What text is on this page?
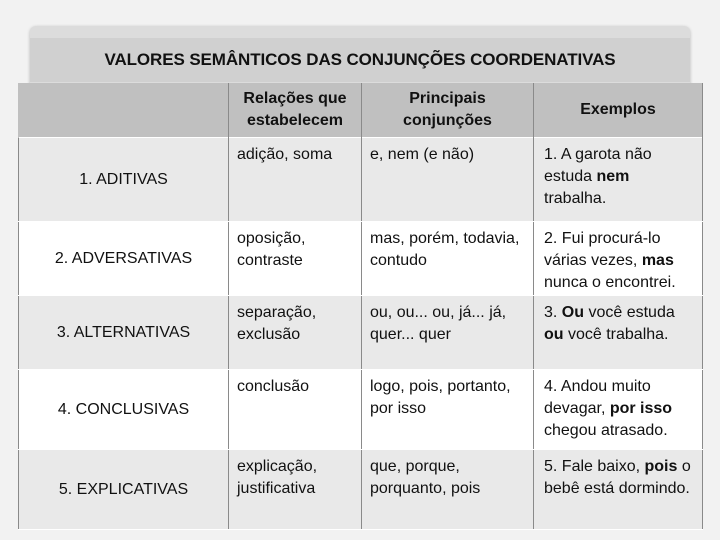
VALORES SEMÂNTICOS DAS CONJUNÇÕES COORDENATIVAS
	Relações que estabelecem	Principais conjunções	Exemplos
1. ADITIVAS	adição, soma	e, nem (e não)	1. A garota não estuda nem trabalha.
2. ADVERSATIVAS	oposição, contraste	mas, porém, todavia, contudo	2. Fui procurá-lo várias vezes, mas nunca o encontrei.
3. ALTERNATIVAS	separação, exclusão	ou, ou... ou, já... já, quer... quer	3. Ou você estuda ou você trabalha.
4. CONCLUSIVAS	conclusão	logo, pois, portanto, por isso	4. Andou muito devagar, por isso chegou atrasado.
5. EXPLICATIVAS	explicação, justificativa	que, porque, porquanto, pois	5. Fale baixo, pois o bebê está dormindo.
